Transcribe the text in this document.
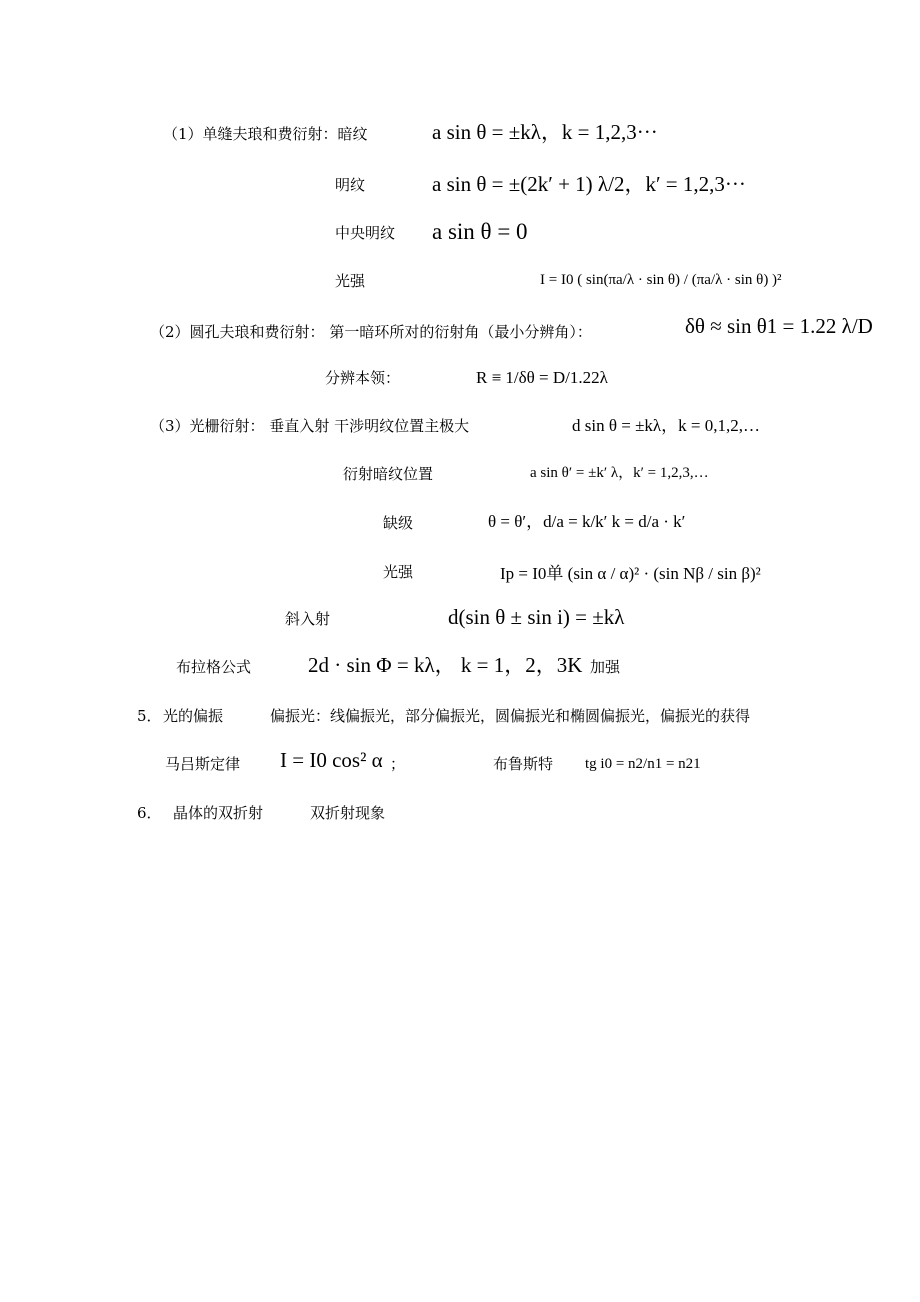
（1）单缝夫琅和费衍射：暗纹	a sin θ = ±kλ，k = 1,2,3···
明纹	a sin θ = ±(2k′ + 1) λ/2，k′ = 1,2,3···
中央明纹 a sin θ = 0
光强	I = I0 ( sin(πa/λ · sin θ) / (πa/λ · sin θ) )²
（2）圆孔夫琅和费衍射： 第一暗环所对的衍射角（最小分辨角）：	δθ ≈ sin θ1 = 1.22 λ/D
分辨本领：	R ≡ 1/δθ = D/1.22λ
（3）光栅衍射： 垂直入射 干涉明纹位置主极大	d sin θ = ±kλ，k = 0,1,2,…
衍射暗纹位置	a sin θ′ = ±k′ λ，k′ = 1,2,3,…
缺级	θ = θ′，d/a = k/k′ k = d/a · k′
光强	Ip = I0单 (sin α / α)² · (sin Nβ / sin β)²
斜入射	d(sin θ ± sin i) = ±kλ
布拉格公式	2d · sin Φ = kλ， k = 1，2，3K 加强
5． 光的偏振	偏振光：线偏振光，部分偏振光，圆偏振光和椭圆偏振光，偏振光的获得
马吕斯定律 I = I0 cos² α ；	布鲁斯特 tg i0 = n2/n1 = n21
6． 晶体的双折射	双折射现象
